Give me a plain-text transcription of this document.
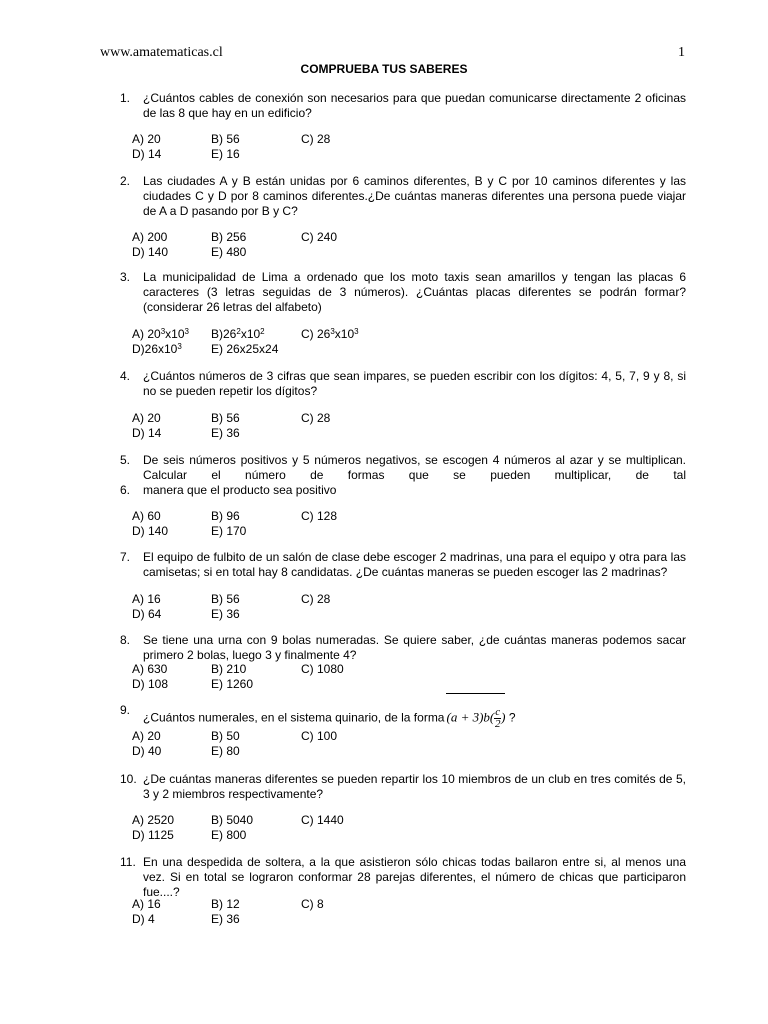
www.amatematicas.cl	1
COMPRUEBA TUS SABERES
1.	¿Cuántos cables de conexión son necesarios para que puedan comunicarse directamente 2 oficinas de las 8 que hay en un edificio?
A) 20	B) 56	C) 28
D) 14	E) 16
2.	Las ciudades A y B están unidas por 6 caminos diferentes, B y C por 10 caminos diferentes y las ciudades C y D por 8 caminos diferentes.¿De cuántas maneras diferentes una persona puede viajar de A a D pasando por B y C?
A) 200	B) 256	C) 240
D) 140	E) 480
3.	La municipalidad de Lima a ordenado que los moto taxis sean amarillos y tengan las placas 6 caracteres (3 letras seguidas de 3 números). ¿Cuántas placas diferentes se podrán formar?(considerar 26 letras del alfabeto)
A) $20^3x10^3$ $B)26^2x10^2$	C) $26^3x10^3$
$D)26x10^3$ E) 26x25x24
4.	¿Cuántos números de 3 cifras que sean impares, se pueden escribir con los dígitos: 4, 5, 7, 9 y 8, si no se pueden repetir los dígitos?
A) 20	B) 56	C) 28
D) 14	E) 36
5.	De seis números positivos y 5 números negativos, se escogen 4 números al azar y se multiplican. Calcular el número de formas que se pueden multiplicar, de tal
6.	manera que el producto sea positivo
A) 60	B) 96	C) 128
D) 140	E) 170
7.	El equipo de fulbito de un salón de clase debe escoger 2 madrinas, una para el equipo y otra para las camisetas; si en total hay 8 candidatas. ¿De cuántas maneras se pueden escoger las 2 madrinas?
A) 16	B) 56	C) 28
D) 64	E) 36
8.	Se tiene una urna con 9 bolas numeradas. Se quiere saber, ¿de cuántas maneras podemos sacar primero 2 bolas, luego 3 y finalmente 4?
A) 630	B) 210	C) 1080
D) 108	E) 1260
9.
¿Cuántos numerales, en el sistema quinario, de la forma $(a + 3)b( \frac{c}{2}$ ) ?
A) 20	B) 50	C) 100
D) 40	E) 80
10. ¿De cuántas maneras diferentes se pueden repartir los 10 miembros de un club en tres comités de 5, 3 y 2 miembros respectivamente?
A) 2520	B) 5040	C) 1440
D) 1125	E) 800
11. En una despedida de soltera, a la que asistieron sólo chicas todas bailaron entre si, al menos una vez. Si en total se lograron conformar 28 parejas diferentes, el número de chicas que participaron fue....?
A) 16	B) 12	C) 8
D) 4	E) 36
